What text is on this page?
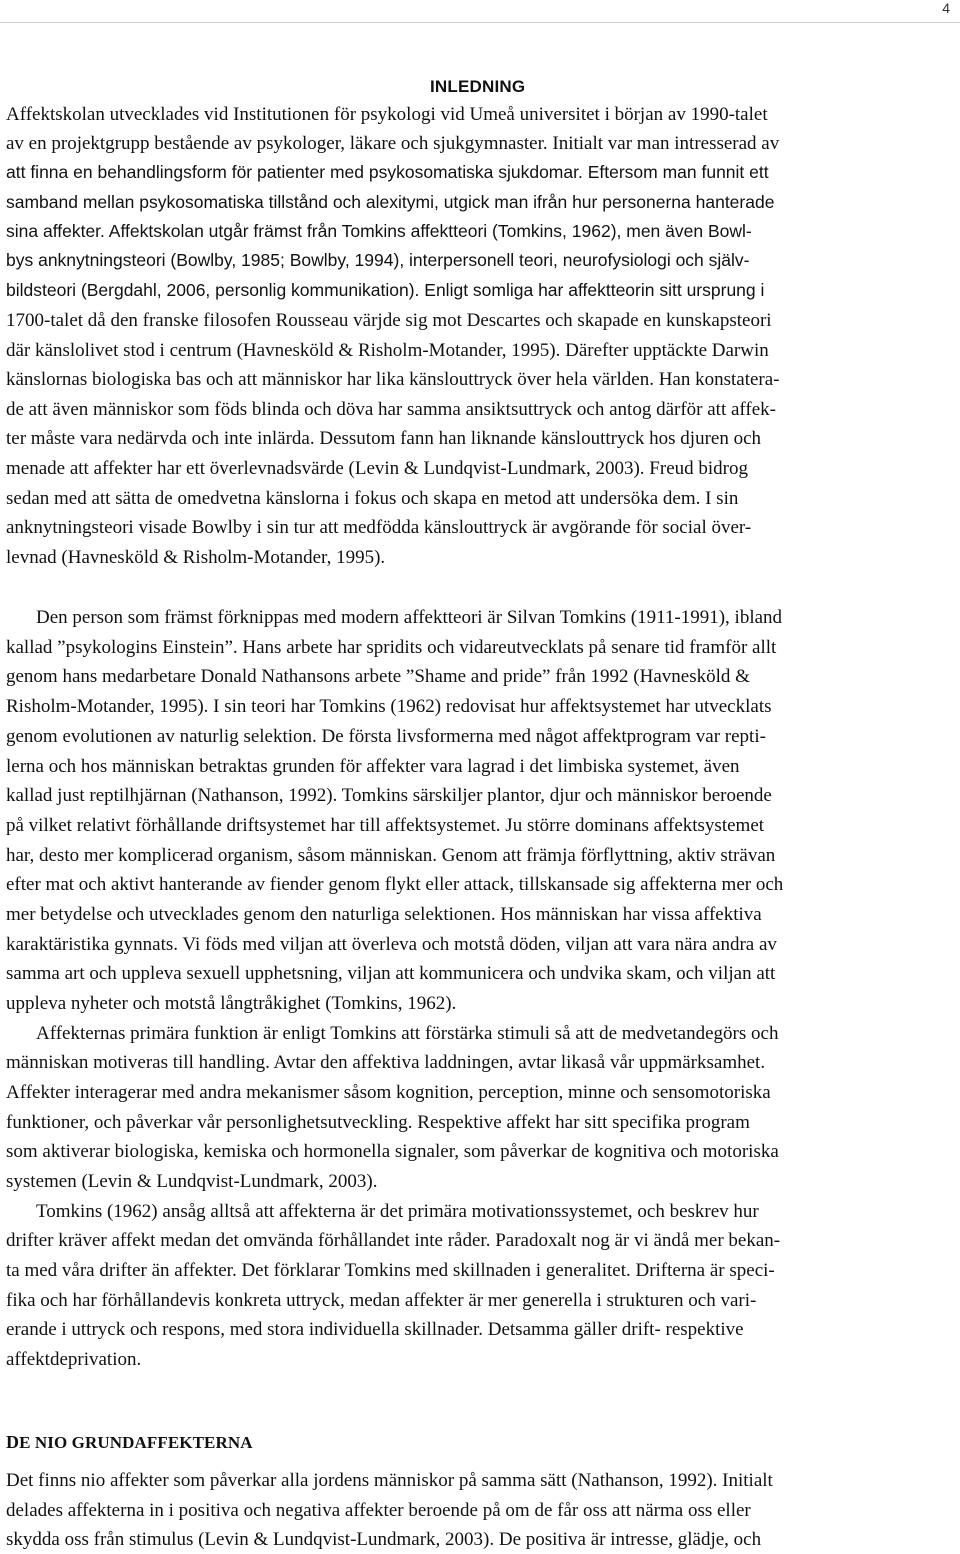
4
INLEDNING
Affektskolan utvecklades vid Institutionen för psykologi vid Umeå universitet i början av 1990-talet
av en projektgrupp bestående av psykologer, läkare och sjukgymnaster. Initialt var man intresserad av
att finna en behandlingsform för patienter med psykosomatiska sjukdomar. Eftersom man funnit ett
samband mellan psykosomatiska tillstånd och alexitymi, utgick man ifrån hur personerna hanterade
sina affekter. Affektskolan utgår främst från Tomkins affektteori (Tomkins, 1962), men även Bowl-
bys anknytningsteori (Bowlby, 1985; Bowlby, 1994), interpersonell teori, neurofysiologi och själv-
bildsteori (Bergdahl, 2006, personlig kommunikation). Enligt somliga har affektteorin sitt ursprung i
1700-talet då den franske filosofen Rousseau värjde sig mot Descartes och skapade en kunskapsteori
där känslolivet stod i centrum (Havnesköld & Risholm-Motander, 1995). Därefter upptäckte Darwin
känslornas biologiska bas och att människor har lika känslouttryck över hela världen. Han konstatera-
de att även människor som föds blinda och döva har samma ansiktsuttryck och antog därför att affek-
ter måste vara nedärvda och inte inlärda. Dessutom fann han liknande känslouttryck hos djuren och
menade att affekter har ett överlevnadsvärde (Levin & Lundqvist-Lundmark, 2003). Freud bidrog
sedan med att sätta de omedvetna känslorna i fokus och skapa en metod att undersöka dem. I sin
anknytningsteori visade Bowlby i sin tur att medfödda känslouttryck är avgörande för social över-
levnad (Havnesköld & Risholm-Motander, 1995).
Den person som främst förknippas med modern affektteori är Silvan Tomkins (1911-1991), ibland
kallad ”psykologins Einstein”. Hans arbete har spridits och vidareutvecklats på senare tid framför allt
genom hans medarbetare Donald Nathansons arbete ”Shame and pride” från 1992 (Havnesköld &
Risholm-Motander, 1995). I sin teori har Tomkins (1962) redovisat hur affektsystemet har utvecklats
genom evolutionen av naturlig selektion. De första livsformerna med något affektprogram var repti-
lerna och hos människan betraktas grunden för affekter vara lagrad i det limbiska systemet, även
kallad just reptilhjärnan (Nathanson, 1992). Tomkins särskiljer plantor, djur och människor beroende
på vilket relativt förhållande driftsystemet har till affektsystemet. Ju större dominans affektsystemet
har, desto mer komplicerad organism, såsom människan. Genom att främja förflyttning, aktiv strävan
efter mat och aktivt hanterande av fiender genom flykt eller attack, tillskansade sig affekterna mer och
mer betydelse och utvecklades genom den naturliga selektionen. Hos människan har vissa affektiva
karaktäristika gynnats. Vi föds med viljan att överleva och motstå döden, viljan att vara nära andra av
samma art och uppleva sexuell upphetsning, viljan att kommunicera och undvika skam, och viljan att
uppleva nyheter och motstå långtråkighet (Tomkins, 1962).
Affekternas primära funktion är enligt Tomkins att förstärka stimuli så att de medvetandegörs och
människan motiveras till handling. Avtar den affektiva laddningen, avtar likaså vår uppmärksamhet.
Affekter interagerar med andra mekanismer såsom kognition, perception, minne och sensomotoriska
funktioner, och påverkar vår personlighetsutveckling. Respektive affekt har sitt specifika program
som aktiverar biologiska, kemiska och hormonella signaler, som påverkar de kognitiva och motoriska
systemen (Levin & Lundqvist-Lundmark, 2003).
Tomkins (1962) ansåg alltså att affekterna är det primära motivationssystemet, och beskrev hur
drifter kräver affekt medan det omvända förhållandet inte råder. Paradoxalt nog är vi ändå mer bekan-
ta med våra drifter än affekter. Det förklarar Tomkins med skillnaden i generalitet. Drifterna är speci-
fika och har förhållandevis konkreta uttryck, medan affekter är mer generella i strukturen och vari-
erande i uttryck och respons, med stora individuella skillnader. Detsamma gäller drift- respektive
affektdeprivation.
DE NIO GRUNDAFFEKTERNA
Det finns nio affekter som påverkar alla jordens människor på samma sätt (Nathanson, 1992). Initialt
delades affekterna in i positiva och negativa affekter beroende på om de får oss att närma oss eller
skydda oss från stimulus (Levin & Lundqvist-Lundmark, 2003). De positiva är intresse, glädje, och
